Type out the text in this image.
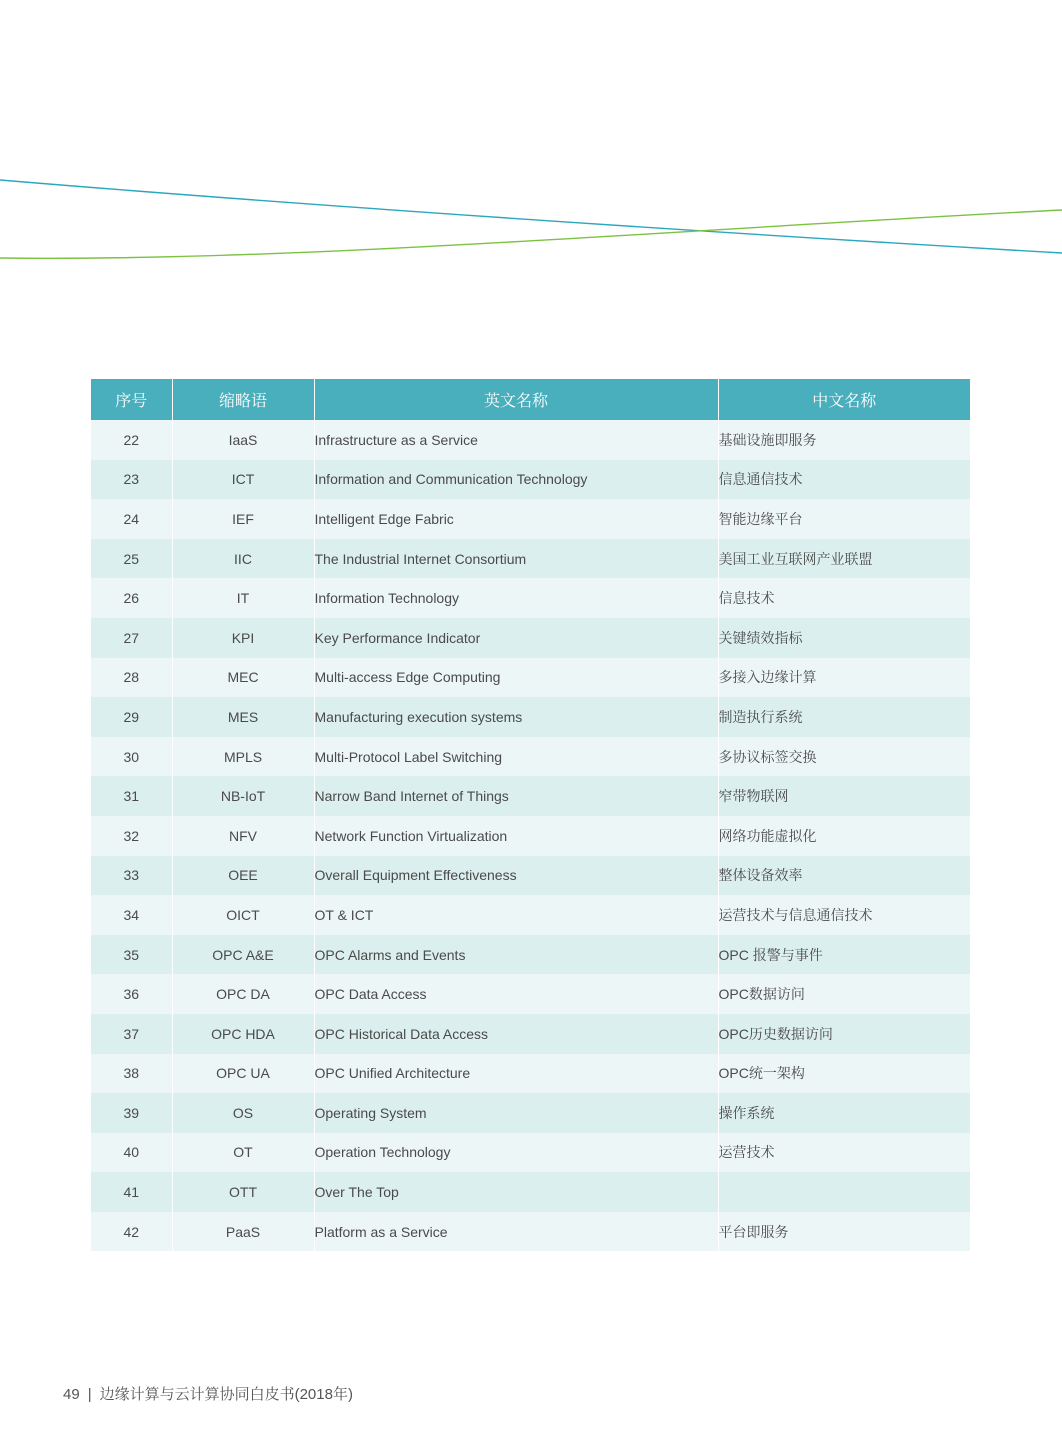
序号	缩略语	英文名称	中文名称
22	IaaS	Infrastructure as a Service	基础设施即服务
23	ICT	Information and Communication Technology	信息通信技术
24	IEF	Intelligent Edge Fabric	智能边缘平台
25	IIC	The Industrial Internet Consortium	美国工业互联网产业联盟
26	IT	Information Technology	信息技术
27	KPI	Key Performance Indicator	关键绩效指标
28	MEC	Multi-access Edge Computing	多接入边缘计算
29	MES	Manufacturing execution systems	制造执行系统
30	MPLS	Multi-Protocol Label Switching	多协议标签交换
31	NB-IoT	Narrow Band Internet of Things	窄带物联网
32	NFV	Network Function Virtualization	网络功能虚拟化
33	OEE	Overall Equipment Effectiveness	整体设备效率
34	OICT	OT & ICT	运营技术与信息通信技术
35	OPC A&E	OPC Alarms and Events	OPC 报警与事件
36	OPC DA	OPC Data Access	OPC数据访问
37	OPC HDA	OPC Historical Data Access	OPC历史数据访问
38	OPC UA	OPC Unified Architecture	OPC统一架构
39	OS	Operating System	操作系统
40	OT	Operation Technology	运营技术
41	OTT	Over The Top	
42	PaaS	Platform as a Service	平台即服务
49 | 边缘计算与云计算协同白皮书(2018年)
